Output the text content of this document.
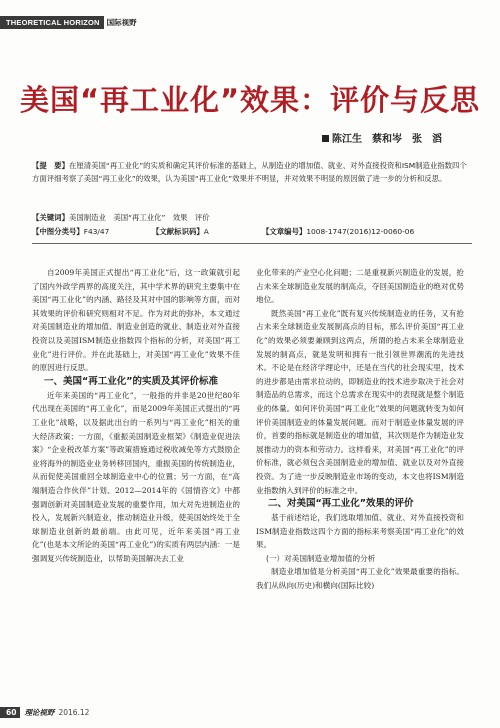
THEORETICAL HORIZON 国际视野
美国“再工业化”效果：评价与反思
陈江生　蔡和岑　张　滔
【提　要】在厘清美国“再工业化”的实质和确定其评价标准的基础上，从制造业的增加值、就业、对外直接投资和ISM制造业指数四个方面评细考察了美国“再工业化”的效果，认为美国“再工业化”效果并不明显，并对效果不明显的原因做了进一步的分析和反思。
【关键词】美国制造业　美国“再工业化”　效果　评价
【中图分类号】F43/47	【文献标识码】A	【文章编号】1008-1747(2016)12-0060-06

自2009年美国正式提出“再工业化”后，这一政策就引起了国内外政学两界的高度关注，其中学术界的研究主要集中在美国“再工业化”的内涵、路径及其对中国的影响等方面，而对其效果的评价和研究则相对不足。作为对此的弥补，本文通过对美国制造业的增加值、制造业创造的就业、制造业对外直接投资以及美国ISM制造业指数四个指标的分析，对美国“再工业化”进行评价。并在此基础上，对美国“再工业化”效果不佳的原因进行反思。

一、美国“再工业化”的实质及其评价标准

近年来美国的“再工业化”，一般指的并非是20世纪80年代出现在美国的“再工业化”，而是2009年美国正式提出的“再工业化”战略，以及据此出台的一系列与“再工业化”相关的重大经济政策；一方面，《重振美国制造业框架》《制造业促进法案》“企业税改革方案”等政策措施通过税收减免等方式鼓励企业将海外的制造业业务转移回国内，重振美国的传统制造业，从而促使美国重回全球制造业中心的位置；另一方面，在“高端制造合作伙伴”计划、2012—2014年的《国情咨文》中都强调创新对美国制造业发展的重要作用，加大对先进制造业的投入，发展新兴制造业，推动制造业升级，使美国始终处于全球制造业创新的最前端。由此可见，近年来美国“再工业化”(也是本文所论的美国“再工业化”)的实质有两层内涵：一是强调复兴传统制造业，以帮助美国解决去工业

业化带来的产业空心化问题；二是重视新兴制造业的发展，抢占未来全球制造业发展的制高点，夺回美国制造业的绝对优势地位。

既然美国“再工业化”既有复兴传统制造业的任务，又有抢占未来全球制造业发展制高点的目标，那么评价美国“再工业化”的效果必须要兼顾到这两点，所谓的抢占未来全球制造业发展的制高点，就是发明和拥有一批引领世界潮流的先进技术。不论是在经济学理论中，还是在当代的社会现实里，技术的进步都是由需求拉动的，即制造业的技术进步取决于社会对制造品的总需求，而这个总需求在现实中的表现就是整个制造业的体量。如何评价美国“再工业化”效果的问题就转变为如何评价美国制造业的体量发展问题。而对于制造业体量发展的评价，首要的指标就是制造业的增加值，其次则是作为制造业发展推动力的资本和劳动力。这样看来，对美国“再工业化”的评价标准，就必须包含美国制造业的增加值、就业以及对外直接投资。为了进一步反映制造业市场的变动，本文也将ISM制造业指数纳入到评价的标准之中。

二、对美国“再工业化”效果的评价

基于前述结论，我们选取增加值、就业、对外直接投资和ISM制造业指数这四个方面的指标来考察美国“再工业化”的效果。

(一）对美国制造业增加值的分析

制造业增加值是分析美国“再工业化”效果最重要的指标。我们从纵向(历史)和横向(国际比较)

60	理论视野 2016.12
